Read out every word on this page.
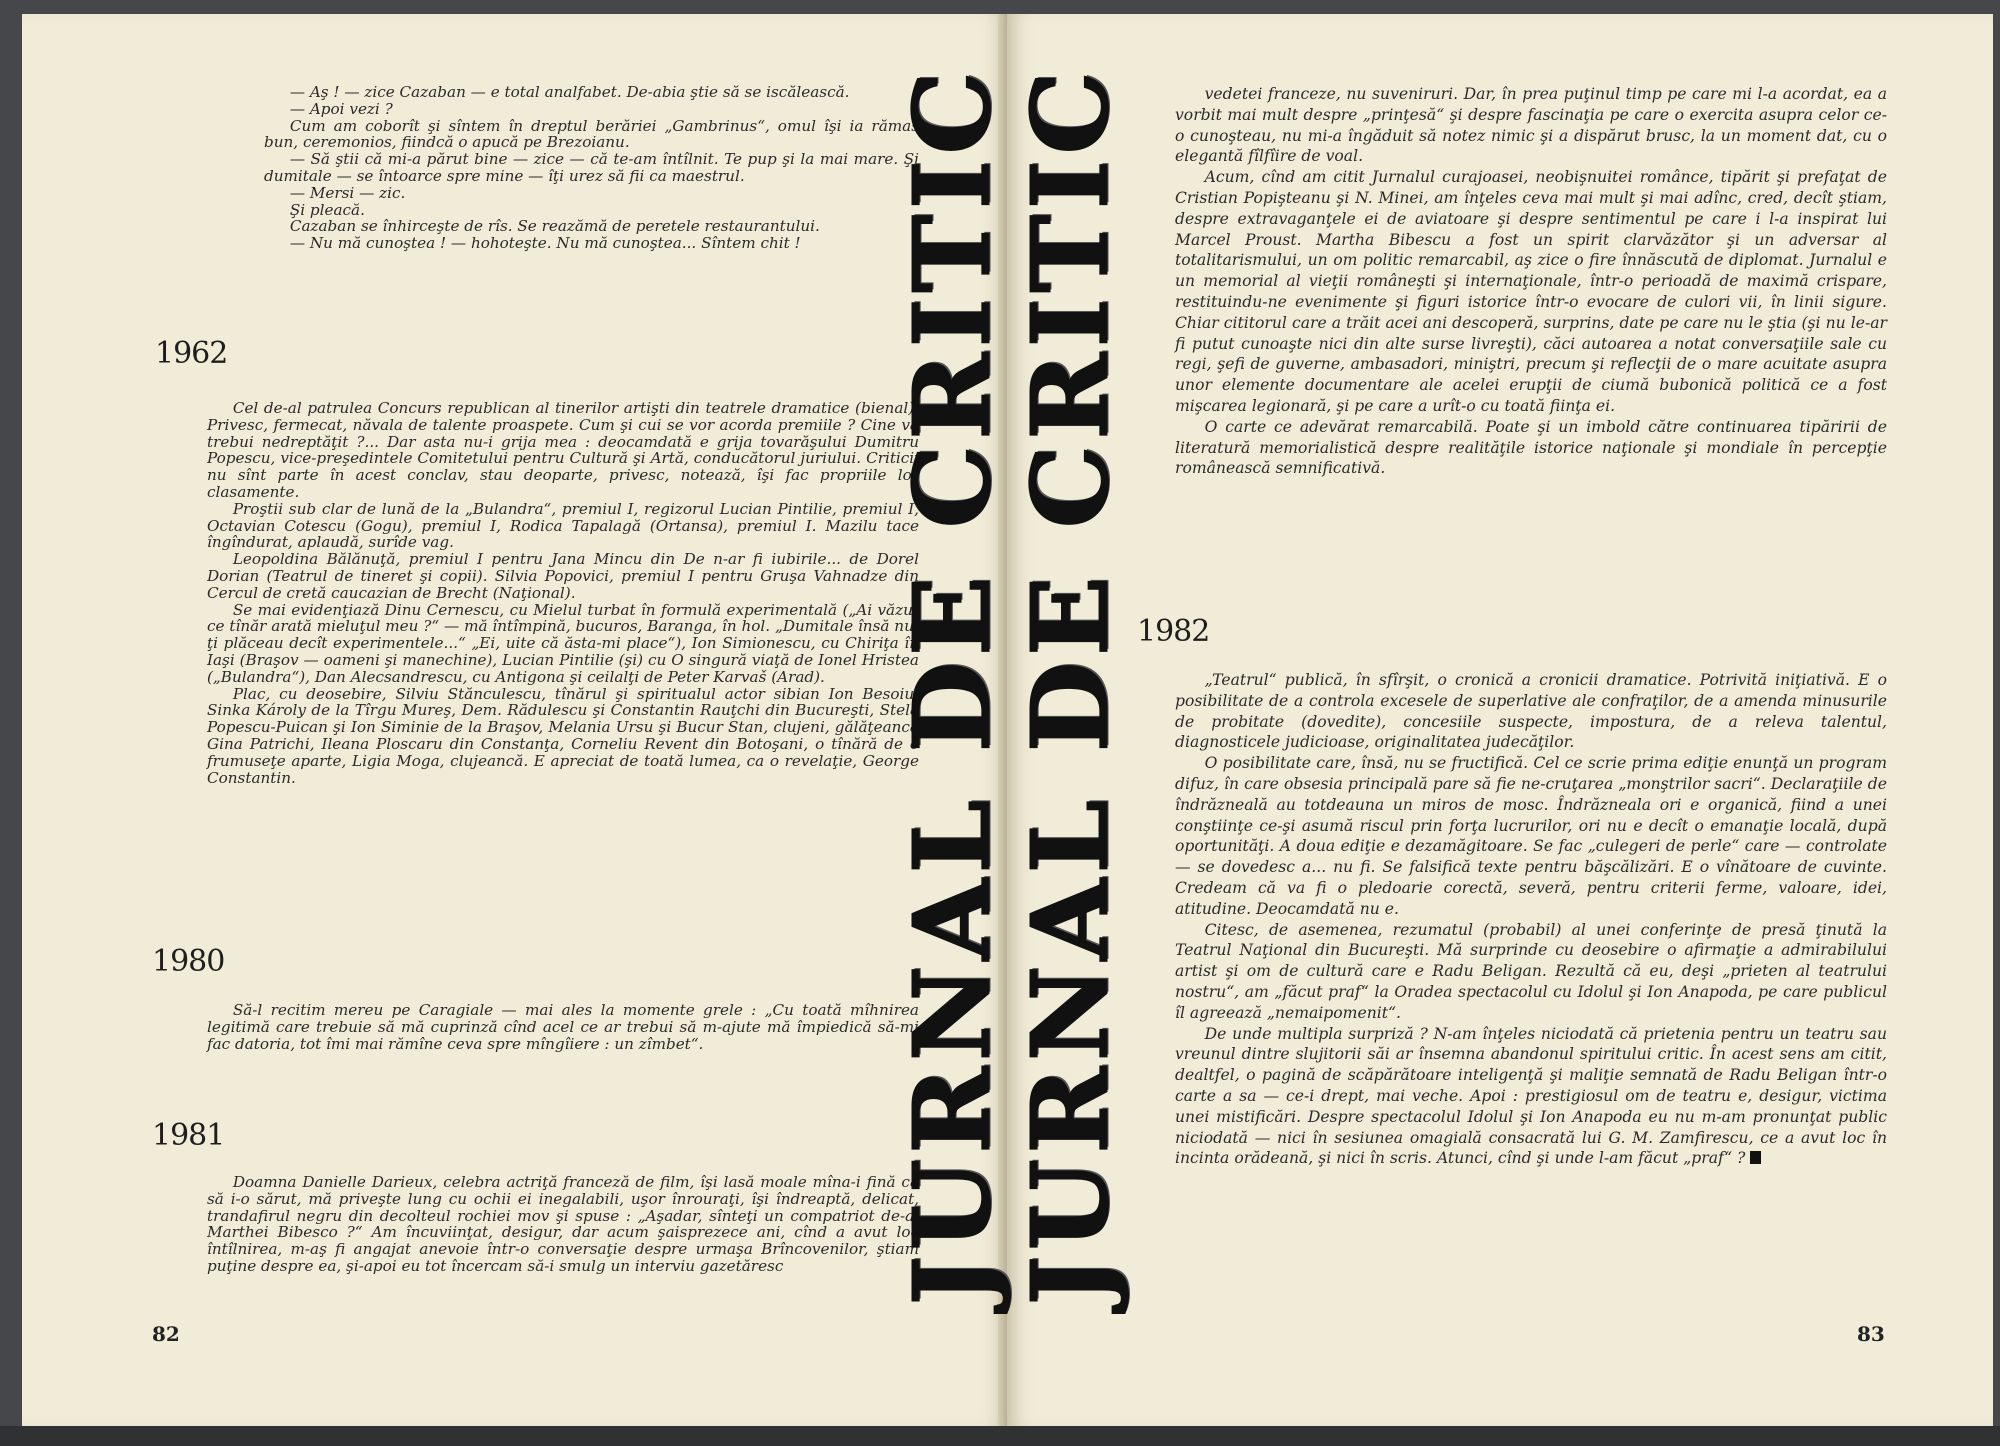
— Aş ! — zice Cazaban — e total analfabet. De-abia ştie să se iscălească.

— Apoi vezi ?

Cum am coborît şi sîntem în dreptul berăriei „Gambrinus“, omul îşi ia rămas bun, ceremonios, fiindcă o apucă pe Brezoianu.

— Să ştii că mi-a părut bine — zice — că te-am întîlnit. Te pup şi la mai mare. Şi dumitale — se întoarce spre mine — îţi urez să fii ca maestrul.

— Mersi — zic.

Şi pleacă.

Cazaban se înhirceşte de rîs. Se reazămă de peretele restaurantului.

— Nu mă cunoştea ! — hohoteşte. Nu mă cunoştea... Sîntem chit !

1962

Cel de-al patrulea Concurs republican al tinerilor artişti din teatrele dramatice (bienal). Privesc, fermecat, năvala de talente proaspete. Cum şi cui se vor acorda premiile ? Cine va trebui nedreptăţit ?... Dar asta nu-i grija mea : deocamdată e grija tovarăşului Dumitru Popescu, vice-preşedintele Comitetului pentru Cultură şi Artă, conducătorul juriului. Criticii nu sînt parte în acest conclav, stau deoparte, privesc, notează, îşi fac propriile lor clasamente.

Proştii sub clar de lună de la „Bulandra“, premiul I, regizorul Lucian Pintilie, premiul I, Octavian Cotescu (Gogu), premiul I, Rodica Tapalagă (Ortansa), premiul I. Mazilu tace îngîndurat, aplaudă, surîde vag.

Leopoldina Bălănuţă, premiul I pentru Jana Mincu din De n-ar fi iubirile... de Dorel Dorian (Teatrul de tineret şi copii). Silvia Popovici, premiul I pentru Gruşa Vahnadze din Cercul de cretă caucazian de Brecht (Naţional).

Se mai evidenţiază Dinu Cernescu, cu Mielul turbat în formulă experimentală („Ai văzut ce tînăr arată mieluţul meu ?“ — mă întîmpină, bucuros, Baranga, în hol. „Dumitale însă nu-ţi plăceau decît experimentele...“ „Ei, uite că ăsta-mi place“), Ion Simionescu, cu Chiriţa în Iaşi (Braşov — oameni şi manechine), Lucian Pintilie (şi) cu O singură viaţă de Ionel Hristea („Bulandra“), Dan Alecsandrescu, cu Antigona şi ceilalţi de Peter Karvaš (Arad).

Plac, cu deosebire, Silviu Stănculescu, tînărul şi spiritualul actor sibian Ion Besoiu, Sinka Károly de la Tîrgu Mureş, Dem. Rădulescu şi Constantin Rauţchi din Bucureşti, Stela Popescu-Puican şi Ion Siminie de la Braşov, Melania Ursu şi Bucur Stan, clujeni, gălăţeanca Gina Patrichi, Ileana Ploscaru din Constanţa, Corneliu Revent din Botoşani, o tînără de o frumuseţe aparte, Ligia Moga, clujeancă. E apreciat de toată lumea, ca o revelaţie, George Constantin.

1980

Să-l recitim mereu pe Caragiale — mai ales la momente grele : „Cu toată mîhnirea legitimă care trebuie să mă cuprinză cînd acel ce ar trebui să m-ajute mă împiedică să-mi fac datoria, tot îmi mai rămîne ceva spre mîngîiere : un zîmbet“.

1981

Doamna Danielle Darieux, celebra actriţă franceză de film, îşi lasă moale mîna-i fină ca să i-o sărut, mă priveşte lung cu ochii ei inegalabili, uşor înrouraţi, îşi îndreaptă, delicat, trandafirul negru din decolteul rochiei mov şi spuse : „Aşadar, sînteţi un compatriot de-al Marthei Bibesco ?“ Am încuviinţat, desigur, dar acum şaisprezece ani, cînd a avut loc întîlnirea, m-aş fi angajat anevoie într-o conversaţie despre urmaşa Brîncovenilor, ştiam puţine despre ea, şi-apoi eu tot încercam să-i smulg un interviu gazetăresc

82

vedetei franceze, nu suveniruri. Dar, în prea puţinul timp pe care mi l-a acordat, ea a vorbit mai mult despre „prinţesă“ şi despre fascinaţia pe care o exercita asupra celor ce-o cunoşteau, nu mi-a îngăduit să notez nimic şi a dispărut brusc, la un moment dat, cu o elegantă fîlfîire de voal.

Acum, cînd am citit Jurnalul curajoasei, neobişnuitei românce, tipărit şi prefaţat de Cristian Popişteanu şi N. Minei, am înţeles ceva mai mult şi mai adînc, cred, decît ştiam, despre extravaganţele ei de aviatoare şi despre sentimentul pe care i l-a inspirat lui Marcel Proust. Martha Bibescu a fost un spirit clarvăzător şi un adversar al totalitarismului, un om politic remarcabil, aş zice o fire înnăscută de diplomat. Jurnalul e un memorial al vieţii româneşti şi internaţionale, într-o perioadă de maximă crispare, restituindu-ne evenimente şi figuri istorice într-o evocare de culori vii, în linii sigure. Chiar cititorul care a trăit acei ani descoperă, surprins, date pe care nu le ştia (şi nu le-ar fi putut cunoaşte nici din alte surse livreşti), căci autoarea a notat conversaţiile sale cu regi, şefi de guverne, ambasadori, miniştri, precum şi reflecţii de o mare acuitate asupra unor elemente documentare ale acelei erupţii de ciumă bubonică politică ce a fost mişcarea legionară, şi pe care a urît-o cu toată fiinţa ei.

O carte ce adevărat remarcabilă. Poate şi un imbold către continuarea tipăririi de literatură memorialistică despre realităţile istorice naţionale şi mondiale în percepţie românească semnificativă.

1982

„Teatrul“ publică, în sfîrşit, o cronică a cronicii dramatice. Potrivită iniţiativă. E o posibilitate de a controla excesele de superlative ale confraţilor, de a amenda minusurile de probitate (dovedite), concesiile suspecte, impostura, de a releva talentul, diagnosticele judicioase, originalitatea judecăţilor.

O posibilitate care, însă, nu se fructifică. Cel ce scrie prima ediţie enunţă un program difuz, în care obsesia principală pare să fie ne-cruţarea „monştrilor sacri“. Declaraţiile de îndrăzneală au totdeauna un miros de mosc. Îndrăzneala ori e organică, fiind a unei conştiinţe ce-şi asumă riscul prin forţa lucrurilor, ori nu e decît o emanaţie locală, după oportunităţi. A doua ediţie e dezamăgitoare. Se fac „culegeri de perle“ care — controlate — se dovedesc a... nu fi. Se falsifică texte pentru băşcălizări. E o vînătoare de cuvinte. Credeam că va fi o pledoarie corectă, severă, pentru criterii ferme, valoare, idei, atitudine. Deocamdată nu e.

Citesc, de asemenea, rezumatul (probabil) al unei conferinţe de presă ţinută la Teatrul Naţional din Bucureşti. Mă surprinde cu deosebire o afirmaţie a admirabilului artist şi om de cultură care e Radu Beligan. Rezultă că eu, deşi „prieten al teatrului nostru“, am „făcut praf“ la Oradea spectacolul cu Idolul şi Ion Anapoda, pe care publicul îl agreează „nemaipomenit“.

De unde multipla surpriză ? N-am înţeles niciodată că prietenia pentru un teatru sau vreunul dintre slujitorii săi ar însemna abandonul spiritului critic. În acest sens am citit, dealtfel, o pagină de scăpărătoare inteligenţă şi maliţie semnată de Radu Beligan într-o carte a sa — ce-i drept, mai veche. Apoi : prestigiosul om de teatru e, desigur, victima unei mistificări. Despre spectacolul Idolul şi Ion Anapoda eu nu m-am pronunţat public niciodată — nici în sesiunea omagială consacrată lui G. M. Zamfirescu, ce a avut loc în incinta orădeană, şi nici în scris. Atunci, cînd şi unde l-am făcut „praf“ ?

83
JURNAL DE CRITIC
JURNAL DE CRITIC
